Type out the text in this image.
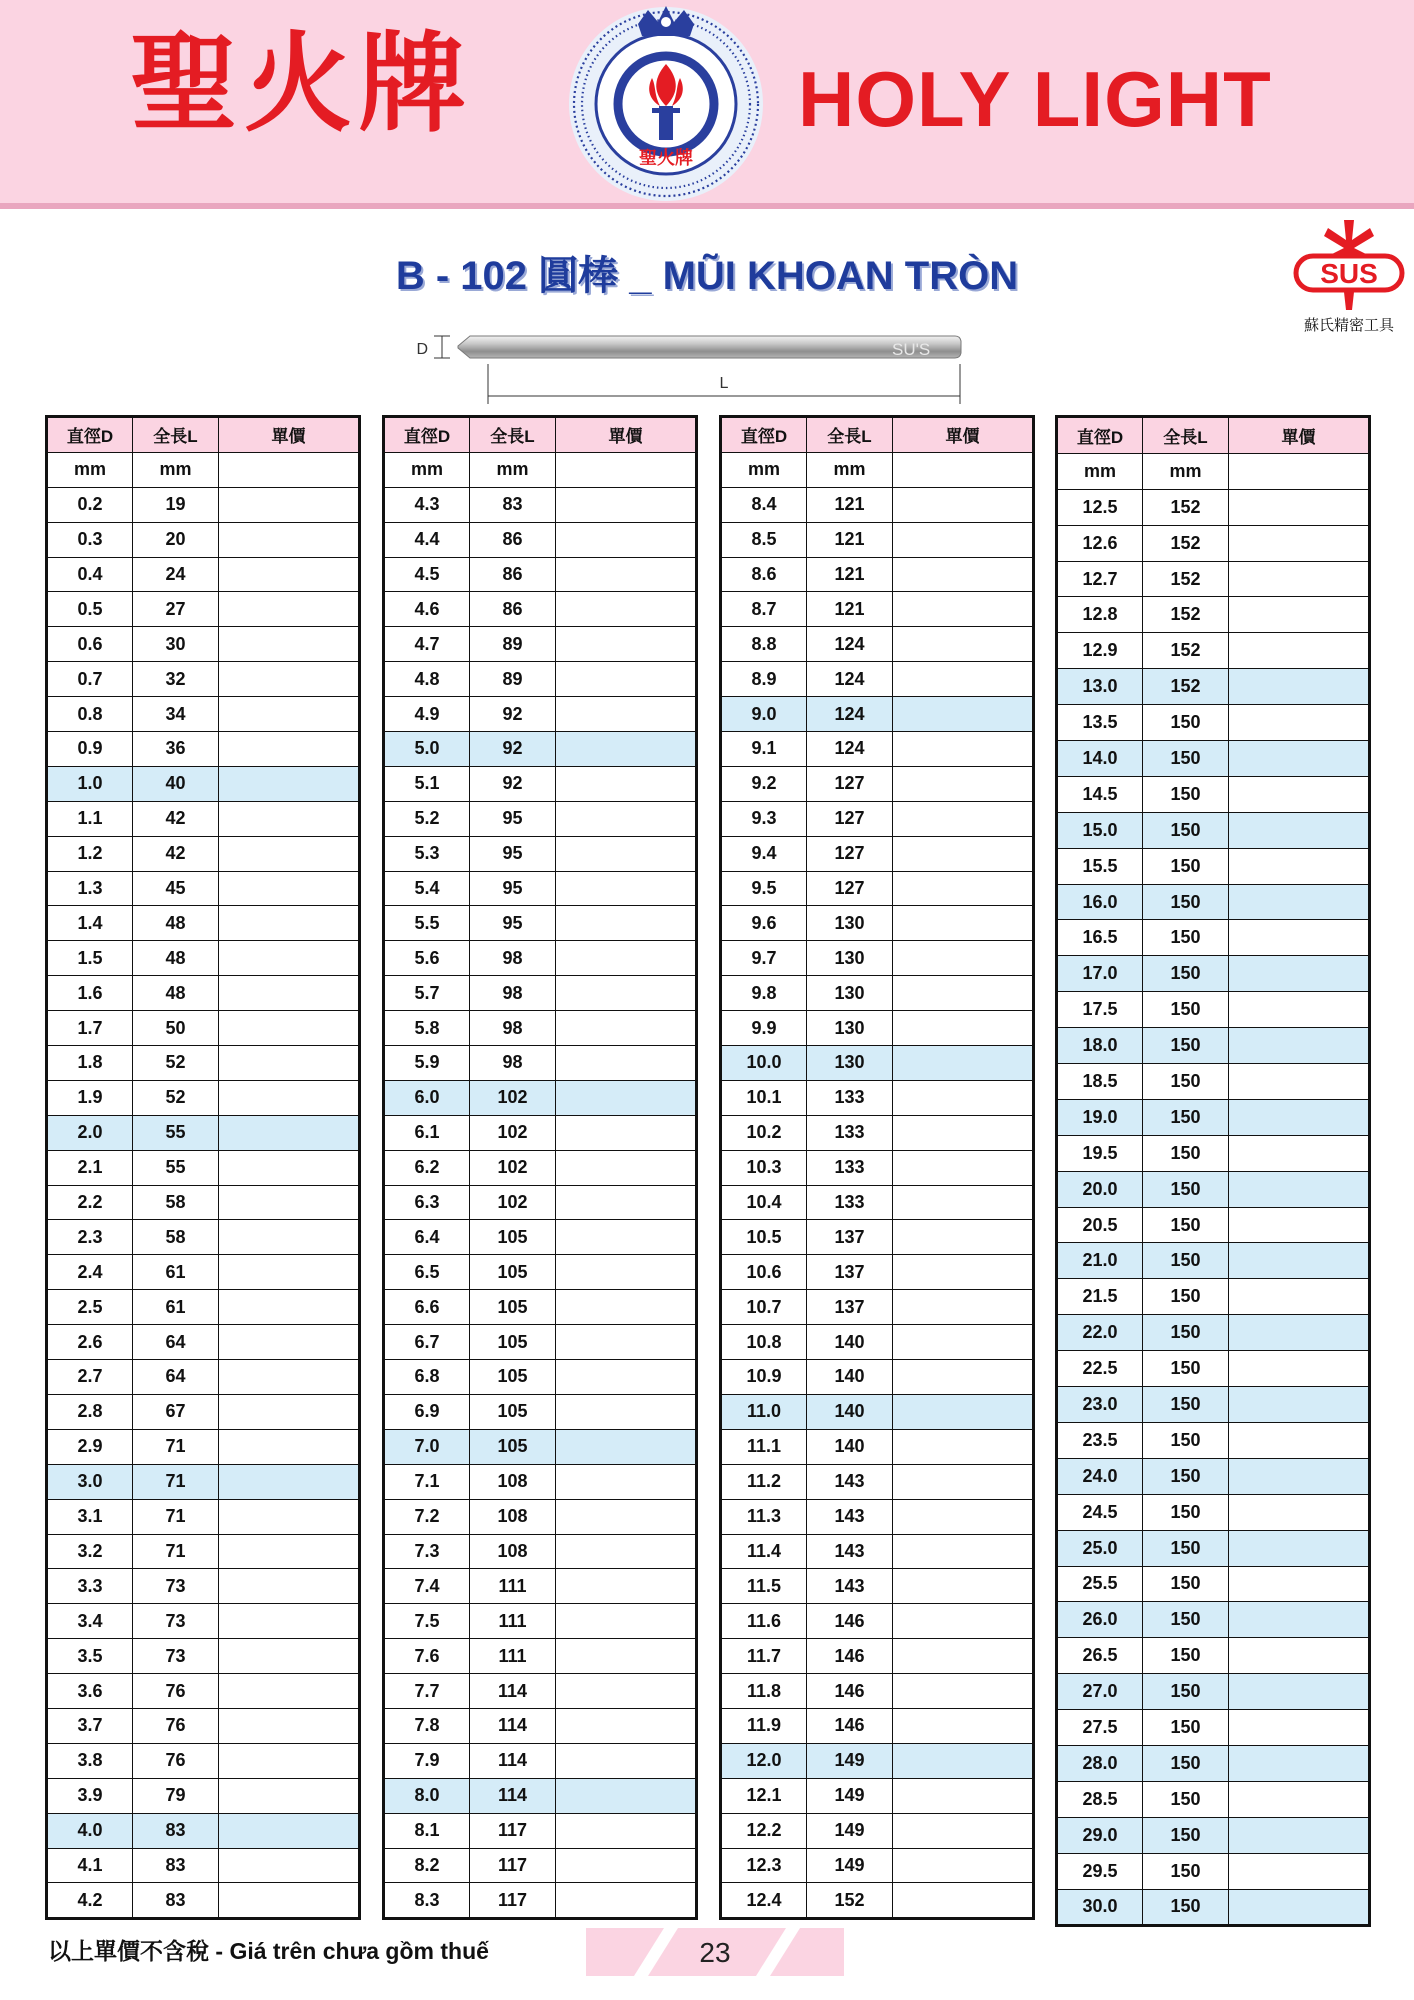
聖火牌
聖火牌
HOLY LIGHT
B - 102 圓棒 _ MŨI KHOAN TRÒN	SUS
蘇氏精密工具
SU'S
D
L
直徑D	全長L	單價
mm	mm	
0.2	19	
0.3	20	
0.4	24	
0.5	27	
0.6	30	
0.7	32	
0.8	34	
0.9	36	
1.0	40	
1.1	42	
1.2	42	
1.3	45	
1.4	48	
1.5	48	
1.6	48	
1.7	50	
1.8	52	
1.9	52	
2.0	55	
2.1	55	
2.2	58	
2.3	58	
2.4	61	
2.5	61	
2.6	64	
2.7	64	
2.8	67	
2.9	71	
3.0	71	
3.1	71	
3.2	71	
3.3	73	
3.4	73	
3.5	73	
3.6	76	
3.7	76	
3.8	76	
3.9	79	
4.0	83	
4.1	83	
4.2	83	
直徑D	全長L	單價
mm	mm	
4.3	83	
4.4	86	
4.5	86	
4.6	86	
4.7	89	
4.8	89	
4.9	92	
5.0	92	
5.1	92	
5.2	95	
5.3	95	
5.4	95	
5.5	95	
5.6	98	
5.7	98	
5.8	98	
5.9	98	
6.0	102	
6.1	102	
6.2	102	
6.3	102	
6.4	105	
6.5	105	
6.6	105	
6.7	105	
6.8	105	
6.9	105	
7.0	105	
7.1	108	
7.2	108	
7.3	108	
7.4	111	
7.5	111	
7.6	111	
7.7	114	
7.8	114	
7.9	114	
8.0	114	
8.1	117	
8.2	117	
8.3	117	
直徑D	全長L	單價
mm	mm	
8.4	121	
8.5	121	
8.6	121	
8.7	121	
8.8	124	
8.9	124	
9.0	124	
9.1	124	
9.2	127	
9.3	127	
9.4	127	
9.5	127	
9.6	130	
9.7	130	
9.8	130	
9.9	130	
10.0	130	
10.1	133	
10.2	133	
10.3	133	
10.4	133	
10.5	137	
10.6	137	
10.7	137	
10.8	140	
10.9	140	
11.0	140	
11.1	140	
11.2	143	
11.3	143	
11.4	143	
11.5	143	
11.6	146	
11.7	146	
11.8	146	
11.9	146	
12.0	149	
12.1	149	
12.2	149	
12.3	149	
12.4	152	
直徑D	全長L	單價
mm	mm	
12.5	152	
12.6	152	
12.7	152	
12.8	152	
12.9	152	
13.0	152	
13.5	150	
14.0	150	
14.5	150	
15.0	150	
15.5	150	
16.0	150	
16.5	150	
17.0	150	
17.5	150	
18.0	150	
18.5	150	
19.0	150	
19.5	150	
20.0	150	
20.5	150	
21.0	150	
21.5	150	
22.0	150	
22.5	150	
23.0	150	
23.5	150	
24.0	150	
24.5	150	
25.0	150	
25.5	150	
26.0	150	
26.5	150	
27.0	150	
27.5	150	
28.0	150	
28.5	150	
29.0	150	
29.5	150	
30.0	150	
以上單價不含稅 - Giá trên chưa gồm thuế	23
